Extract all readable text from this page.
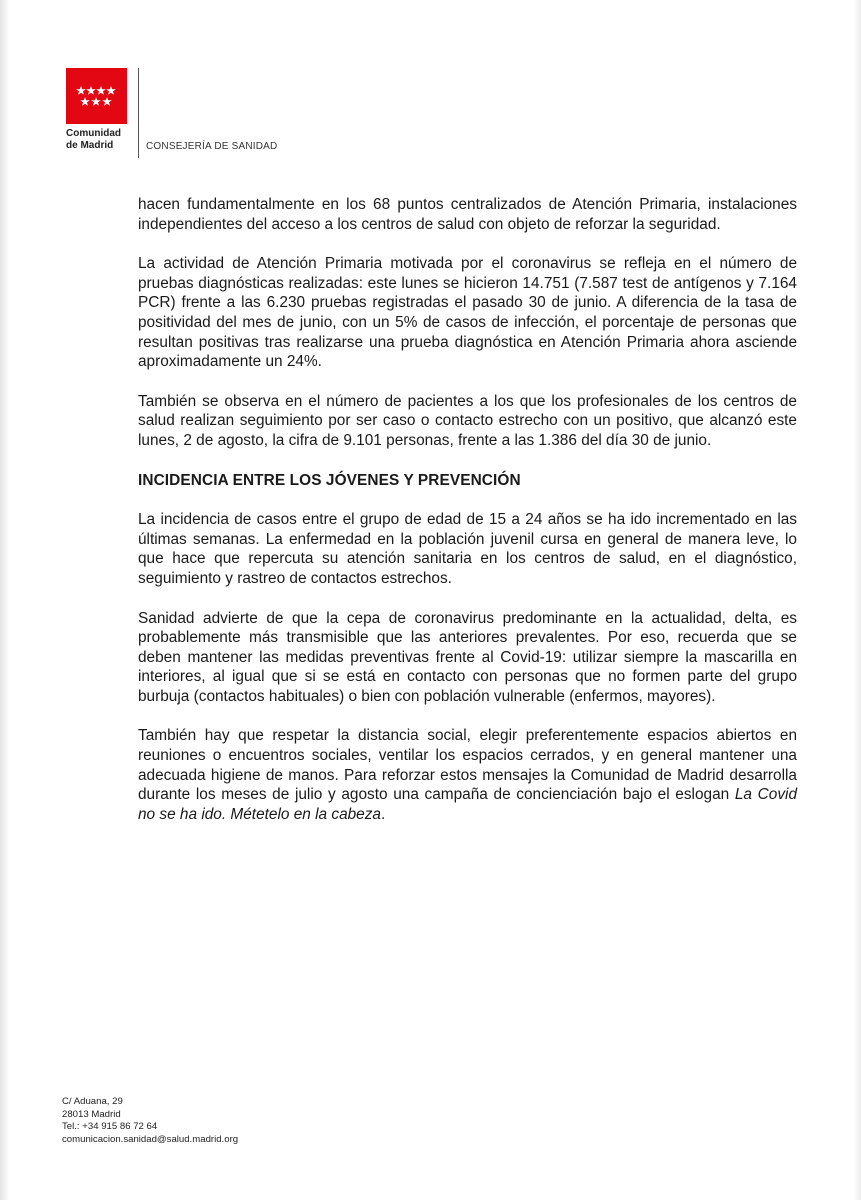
Comunidad
de Madrid	CONSEJERÍA DE SANIDAD

hacen fundamentalmente en los 68 puntos centralizados de Atención Primaria, instalaciones independientes del acceso a los centros de salud con objeto de reforzar la seguridad.

La actividad de Atención Primaria motivada por el coronavirus se refleja en el número de pruebas diagnósticas realizadas: este lunes se hicieron 14.751 (7.587 test de antígenos y 7.164 PCR) frente a las 6.230 pruebas registradas el pasado 30 de junio. A diferencia de la tasa de positividad del mes de junio, con un 5% de casos de infección, el porcentaje de personas que resultan positivas tras realizarse una prueba diagnóstica en Atención Primaria ahora asciende aproximadamente un 24%.

También se observa en el número de pacientes a los que los profesionales de los centros de salud realizan seguimiento por ser caso o contacto estrecho con un positivo, que alcanzó este lunes, 2 de agosto, la cifra de 9.101 personas, frente a las 1.386 del día 30 de junio.

INCIDENCIA ENTRE LOS JÓVENES Y PREVENCIÓN

La incidencia de casos entre el grupo de edad de 15 a 24 años se ha ido incrementado en las últimas semanas. La enfermedad en la población juvenil cursa en general de manera leve, lo que hace que repercuta su atención sanitaria en los centros de salud, en el diagnóstico, seguimiento y rastreo de contactos estrechos.

Sanidad advierte de que la cepa de coronavirus predominante en la actualidad, delta, es probablemente más transmisible que las anteriores prevalentes. Por eso, recuerda que se deben mantener las medidas preventivas frente al Covid-19: utilizar siempre la mascarilla en interiores, al igual que si se está en contacto con personas que no formen parte del grupo burbuja (contactos habituales) o bien con población vulnerable (enfermos, mayores).

También hay que respetar la distancia social, elegir preferentemente espacios abiertos en reuniones o encuentros sociales, ventilar los espacios cerrados, y en general mantener una adecuada higiene de manos. Para reforzar estos mensajes la Comunidad de Madrid desarrolla durante los meses de julio y agosto una campaña de concienciación bajo el eslogan La Covid no se ha ido. Métetelo en la cabeza.

C/ Aduana, 29
28013 Madrid
Tel.: +34 915 86 72 64
comunicacion.sanidad@salud.madrid.org
